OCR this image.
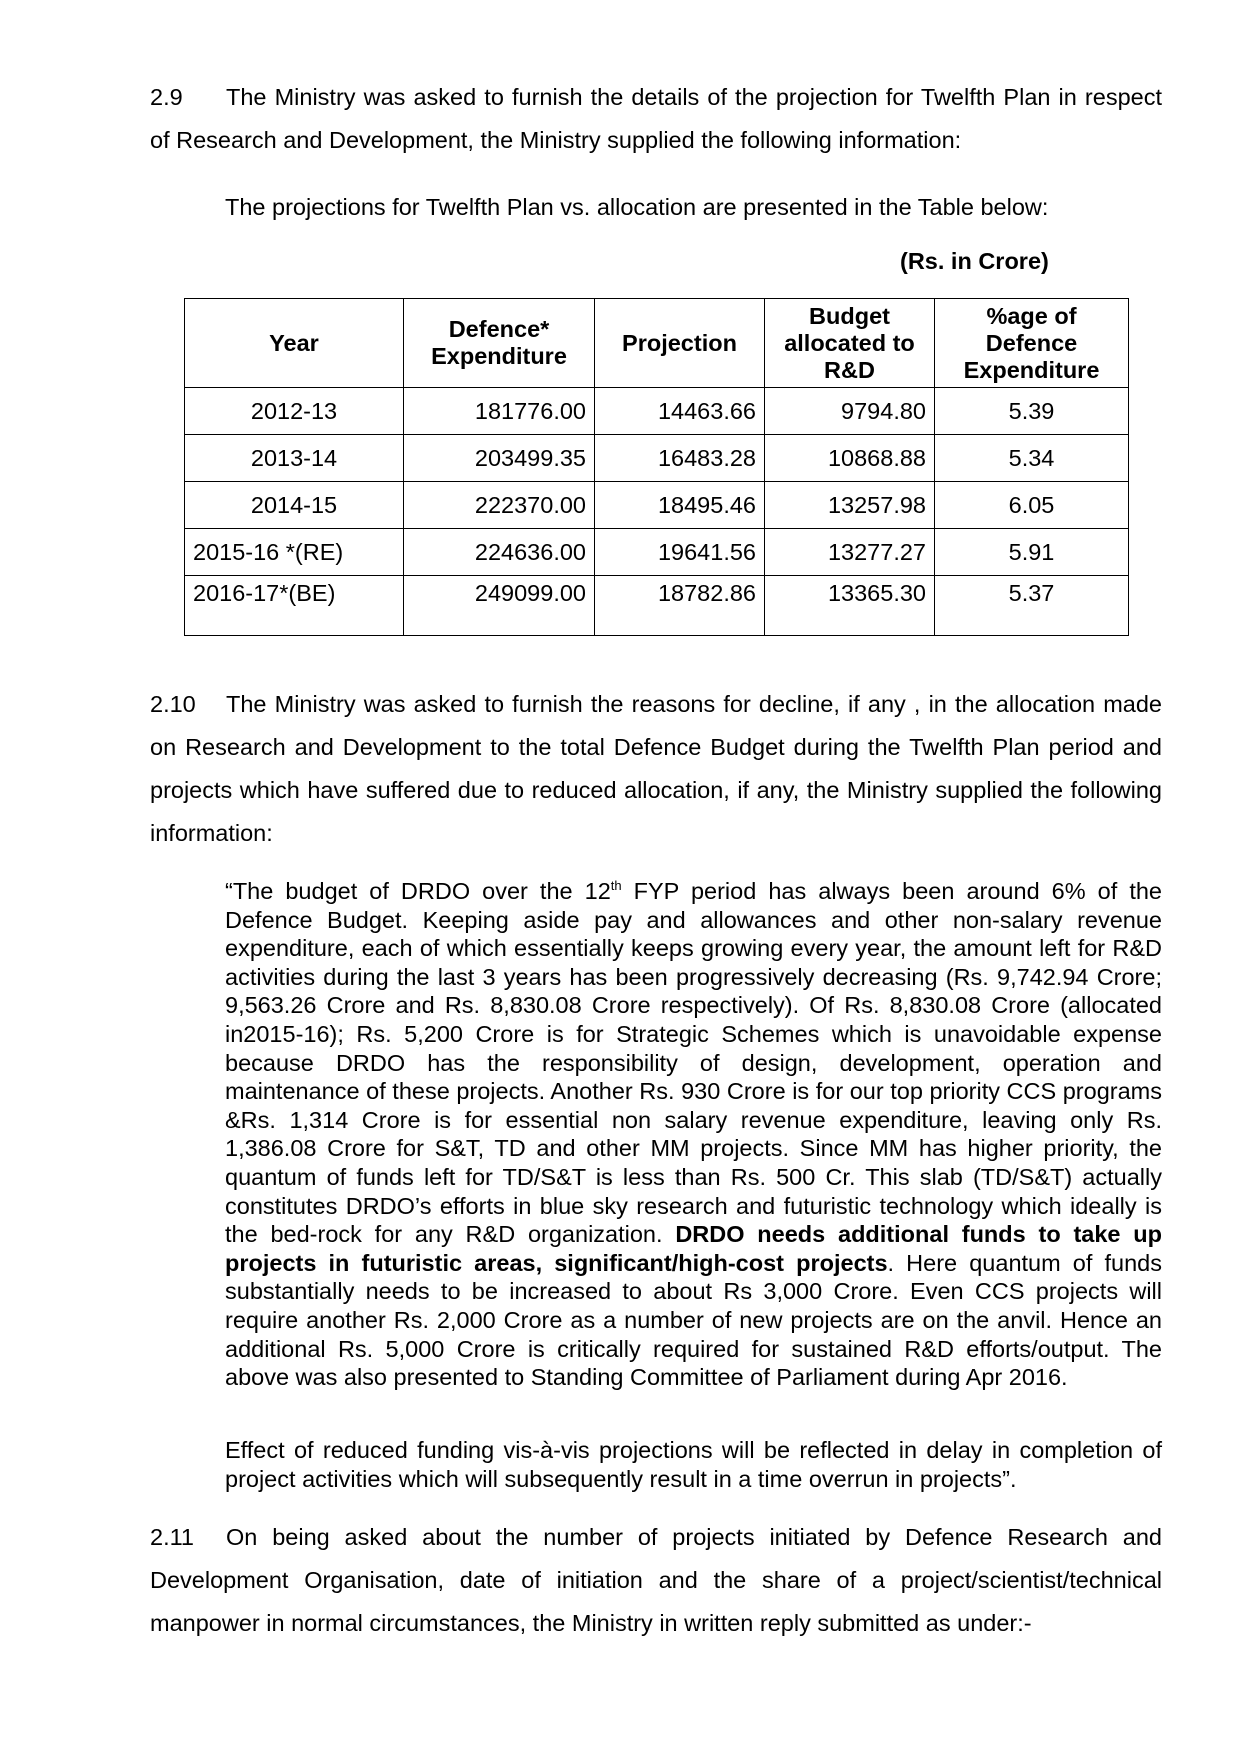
2.9 The Ministry was asked to furnish the details of the projection for Twelfth Plan in respect of Research and Development, the Ministry supplied the following information:

The projections for Twelfth Plan vs. allocation are presented in the Table below:
(Rs. in Crore)
Year	Defence* Expenditure	Projection	Budget allocated to R&D	%age of Defence Expenditure
2012-13	181776.00	14463.66	9794.80	5.39
2013-14	203499.35	16483.28	10868.88	5.34
2014-15	222370.00	18495.46	13257.98	6.05
2015-16 *(RE)	224636.00	19641.56	13277.27	5.91
2016-17*(BE)	249099.00	18782.86	13365.30	5.37

2.10 The Ministry was asked to furnish the reasons for decline, if any , in the allocation made on Research and Development to the total Defence Budget during the Twelfth Plan period and projects which have suffered due to reduced allocation, if any, the Ministry supplied the following information:

“The budget of DRDO over the 12th FYP period has always been around 6% of the Defence Budget. Keeping aside pay and allowances and other non-salary revenue expenditure, each of which essentially keeps growing every year, the amount left for R&D activities during the last 3 years has been progressively decreasing (Rs. 9,742.94 Crore; 9,563.26 Crore and Rs. 8,830.08 Crore respectively). Of Rs. 8,830.08 Crore (allocated in2015-16); Rs. 5,200 Crore is for Strategic Schemes which is unavoidable expense because DRDO has the responsibility of design, development, operation and maintenance of these projects. Another Rs. 930 Crore is for our top priority CCS programs &Rs. 1,314 Crore is for essential non salary revenue expenditure, leaving only Rs. 1,386.08 Crore for S&T, TD and other MM projects. Since MM has higher priority, the quantum of funds left for TD/S&T is less than Rs. 500 Cr. This slab (TD/S&T) actually constitutes DRDO’s efforts in blue sky research and futuristic technology which ideally is the bed-rock for any R&D organization. DRDO needs additional funds to take up projects in futuristic areas, significant/high-cost projects. Here quantum of funds substantially needs to be increased to about Rs 3,000 Crore. Even CCS projects will require another Rs. 2,000 Crore as a number of new projects are on the anvil. Hence an additional Rs. 5,000 Crore is critically required for sustained R&D efforts/output. The above was also presented to Standing Committee of Parliament during Apr 2016.

Effect of reduced funding vis-à-vis projections will be reflected in delay in completion of project activities which will subsequently result in a time overrun in projects”.

2.11 On being asked about the number of projects initiated by Defence Research and Development Organisation, date of initiation and the share of a project/scientist/technical manpower in normal circumstances, the Ministry in written reply submitted as under:-
